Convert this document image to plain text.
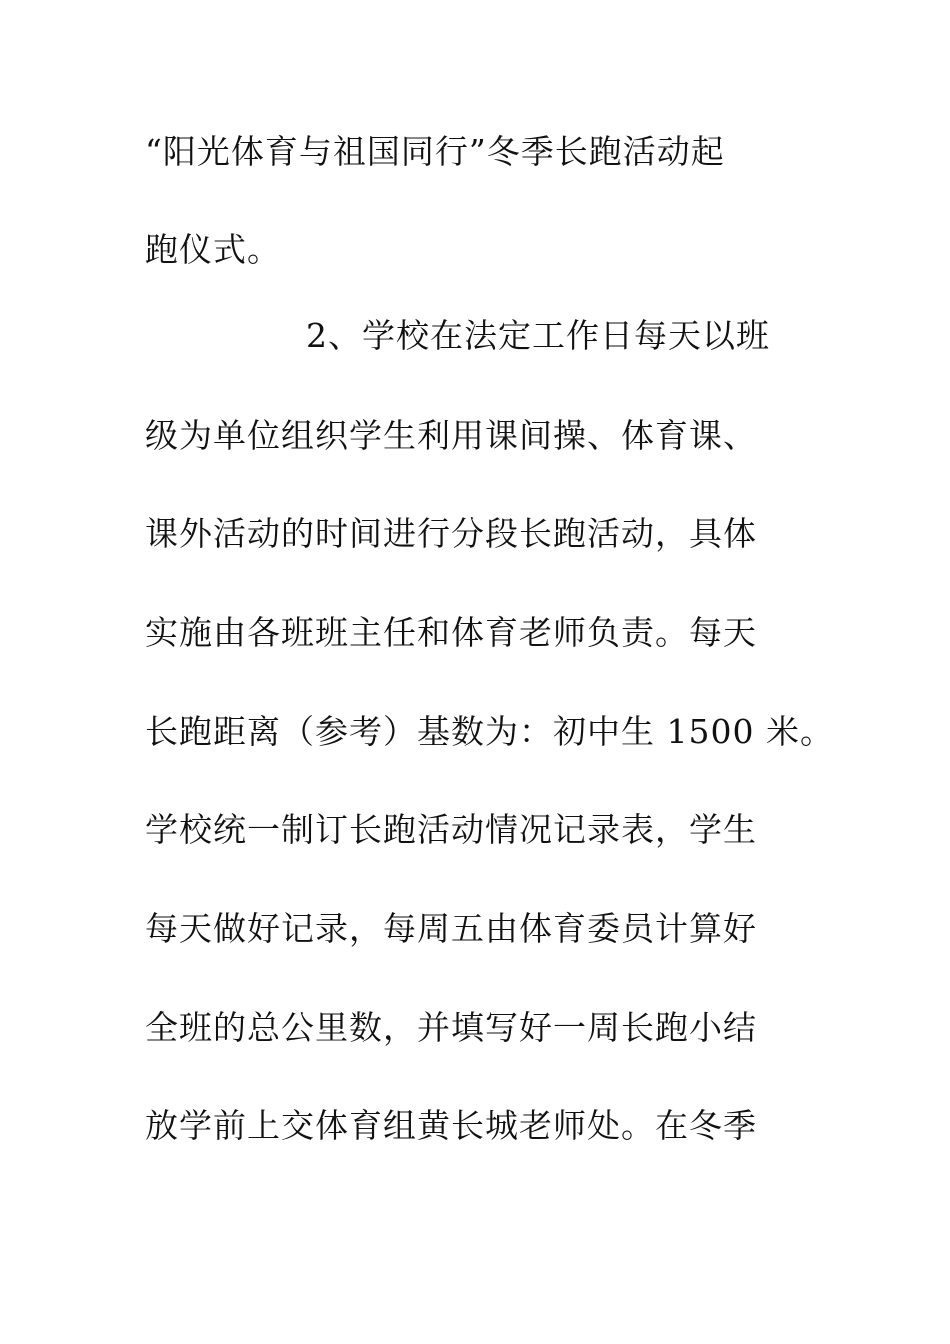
“阳光体育与祖国同行”冬季长跑活动起
跑仪式。
2、学校在法定工作日每天以班
级为单位组织学生利用课间操、体育课、
课外活动的时间进行分段长跑活动，具体
实施由各班班主任和体育老师负责。每天
长跑距离（参考）基数为：初中生 1500 米。
学校统一制订长跑活动情况记录表，学生
每天做好记录，每周五由体育委员计算好
全班的总公里数，并填写好一周长跑小结
放学前上交体育组黄长城老师处。在冬季
